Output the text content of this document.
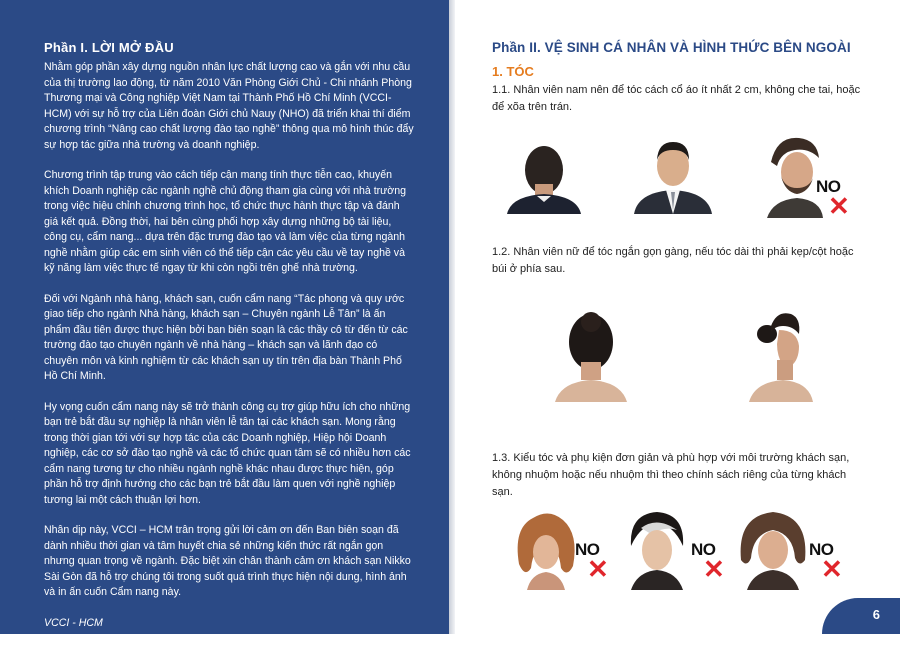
Phần I. LỜI MỞ ĐẦU

Nhằm góp phần xây dựng nguồn nhân lực chất lượng cao và gắn với nhu cầu của thị trường lao động, từ năm 2010 Văn Phòng Giới Chủ - Chi nhánh Phòng Thương mại và Công nghiệp Việt Nam tại Thành Phố Hồ Chí Minh (VCCI-HCM) với sự hỗ trợ của Liên đoàn Giới chủ Nauy (NHO) đã triển khai thí điểm chương trình “Nâng cao chất lượng đào tạo nghề” thông qua mô hình thúc đẩy sự hợp tác giữa nhà trường và doanh nghiệp.

Chương trình tập trung vào cách tiếp cận mang tính thực tiễn cao, khuyến khích Doanh nghiệp các ngành nghề chủ động tham gia cùng với nhà trường trong việc hiệu chỉnh chương trình học, tổ chức thực hành thực tập và đánh giá kết quả. Đồng thời, hai bên cùng phối hợp xây dựng những bộ tài liệu, công cụ, cẩm nang... dựa trên đặc trưng đào tạo và làm việc của từng ngành nghề nhằm giúp các em sinh viên có thể tiếp cận các yêu cầu về tay nghề và kỹ năng làm việc thực tế ngay từ khi còn ngồi trên ghế nhà trường.

Đối với Ngành nhà hàng, khách sạn, cuốn cẩm nang “Tác phong và quy ước giao tiếp cho ngành Nhà hàng, khách sạn – Chuyên ngành Lễ Tân” là ấn phẩm đầu tiên được thực hiện bởi ban biên soạn là các thầy cô từ đến từ các trường đào tạo chuyên ngành về nhà hàng – khách sạn và lãnh đạo có chuyên môn và kinh nghiệm từ các khách sạn uy tín trên địa bàn Thành Phố Hồ Chí Minh.

Hy vọng cuốn cẩm nang này sẽ trở thành công cụ trợ giúp hữu ích cho những bạn trẻ bắt đầu sự nghiệp là nhân viên lễ tân tại các khách sạn. Mong rằng trong thời gian tới với sự hợp tác của các Doanh nghiệp, Hiệp hội Doanh nghiệp, các cơ sở đào tạo nghề và các tổ chức quan tâm sẽ có nhiều hơn các cẩm nang tương tự cho nhiều ngành nghề khác nhau được thực hiện, góp phần hỗ trợ định hướng cho các bạn trẻ bắt đầu làm quen với nghề nghiệp tương lai một cách thuận lợi hơn.

Nhân dịp này, VCCI – HCM trân trọng gửi lời cảm ơn đến Ban biên soạn đã dành nhiều thời gian và tâm huyết chia sẻ những kiến thức rất ngắn gọn nhưng quan trọng về ngành. Đặc biệt xin chân thành cảm ơn khách sạn Nikko Sài Gòn đã hỗ trợ chúng tôi trong suốt quá trình thực hiện nội dung, hình ảnh và in ấn cuốn Cẩm nang này.

VCCI - HCM

Phần II. VỆ SINH CÁ NHÂN VÀ HÌNH THỨC BÊN NGOÀI
1. TÓC
1.1. Nhân viên nam nên để tóc cách cổ áo ít nhất 2 cm, không che tai, hoặc để xõa trên trán.
NO
✕
1.2. Nhân viên nữ để tóc ngắn gọn gàng, nếu tóc dài thì phải kẹp/cột hoặc búi ở phía sau.
1.3. Kiểu tóc và phụ kiện đơn giản và phù hợp với môi trường khách sạn, không nhuộm hoặc nếu nhuộm thì theo chính sách riêng của từng khách sạn.
NO
✕
NO
✕
NO
✕
6
